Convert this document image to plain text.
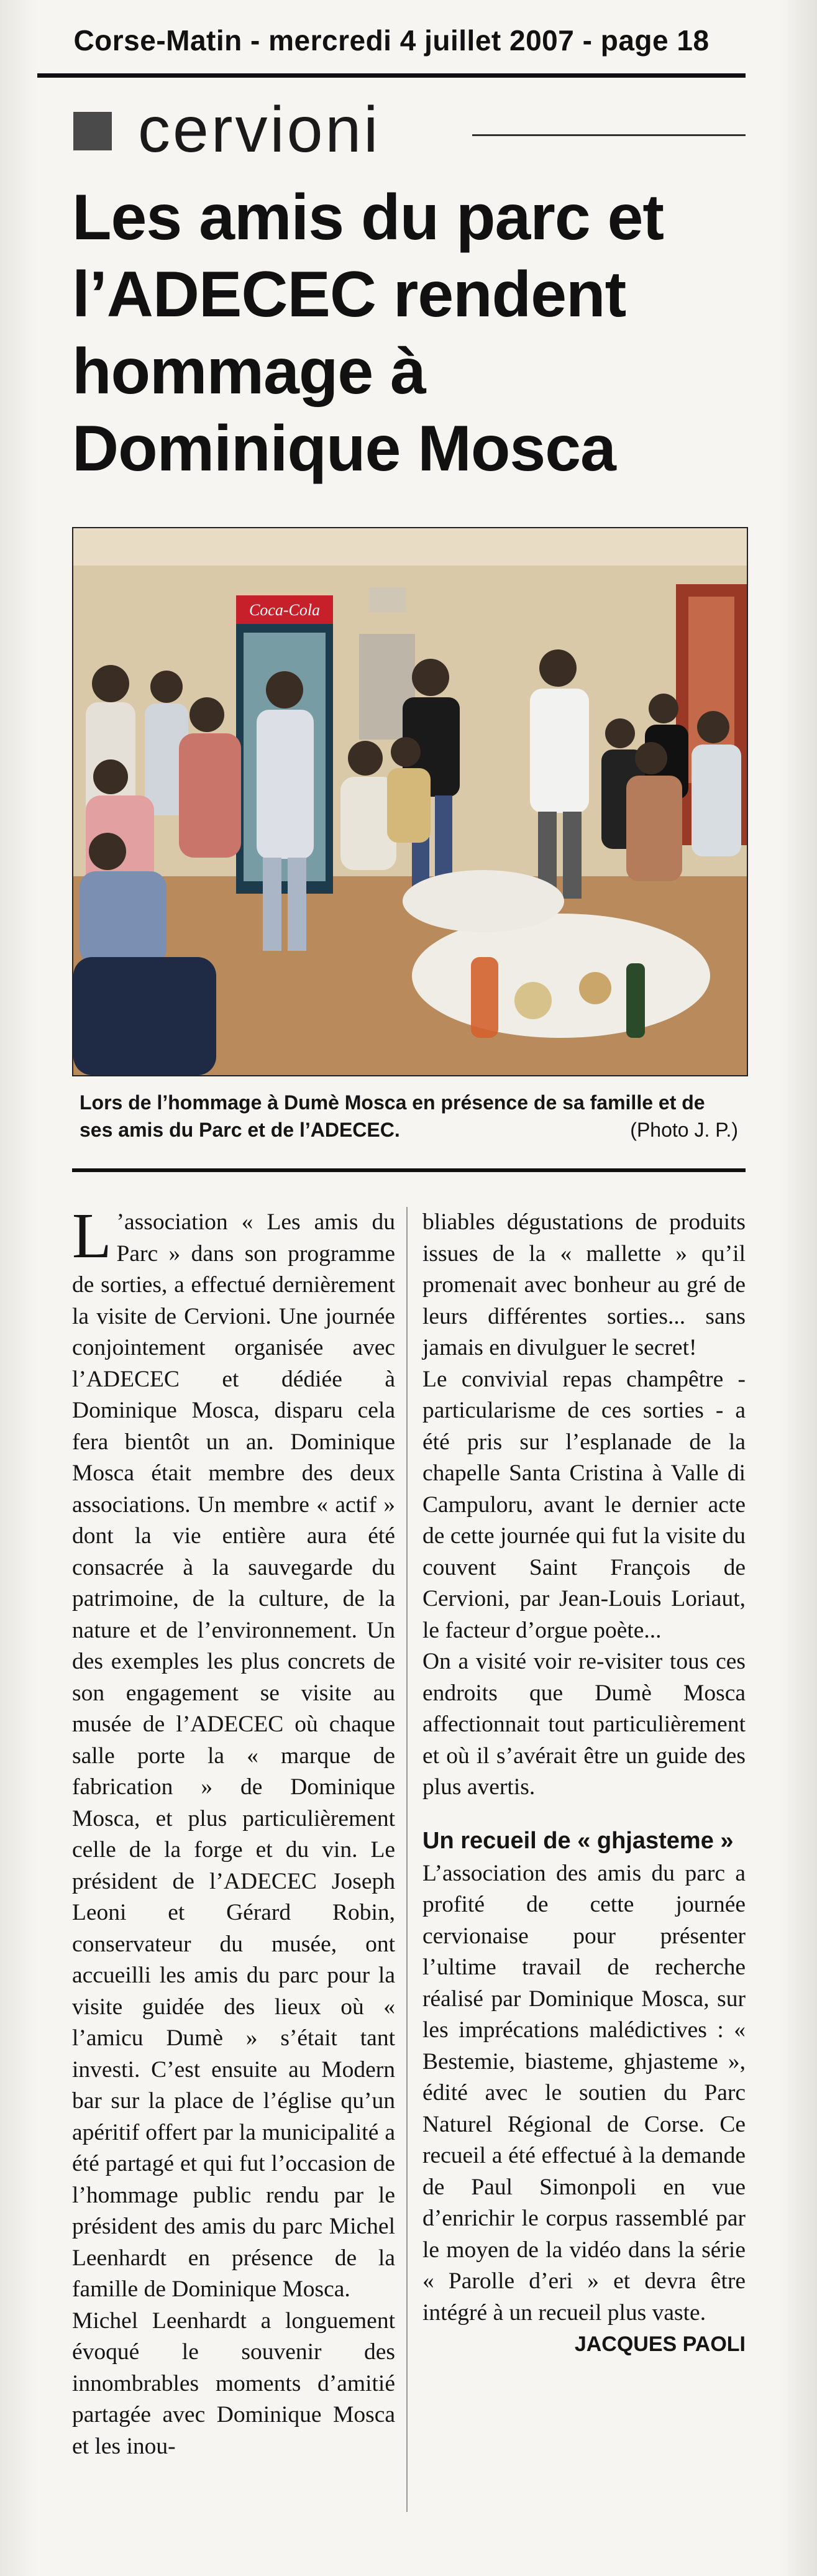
Corse-Matin - mercredi 4 juillet 2007 - page 18
cervioni
Les amis du parc et l’ADECEC rendent hommage à Dominique Mosca
Coca-Cola
Lors de l’hommage à Dumè Mosca en présence de sa famille et de ses amis du Parc et de l’ADECEC.	(Photo J. P.)

L ’association « Les amis du Parc » dans son programme de sorties, a effectué dernièrement la visite de Cervioni. Une journée conjointement organisée avec l’ADECEC et dédiée à Dominique Mosca, disparu cela fera bientôt un an. Dominique Mosca était membre des deux associations. Un membre « actif » dont la vie entière aura été consacrée à la sauvegarde du patrimoine, de la culture, de la nature et de l’environnement. Un des exemples les plus concrets de son engagement se visite au musée de l’ADECEC où chaque salle porte la « marque de fabrication » de Dominique Mosca, et plus particulièrement celle de la forge et du vin. Le président de l’ADECEC Joseph Leoni et Gérard Robin, conservateur du musée, ont accueilli les amis du parc pour la visite guidée des lieux où « l’amicu Dumè » s’était tant investi. C’est ensuite au Modern bar sur la place de l’église qu’un apéritif offert par la municipalité a été partagé et qui fut l’occasion de l’hommage public rendu par le président des amis du parc Michel Leenhardt en présence de la famille de Dominique Mosca.

Michel Leenhardt a longuement évoqué le souvenir des innombrables moments d’amitié partagée avec Dominique Mosca et les inou-

bliables dégustations de produits issues de la « mallette » qu’il promenait avec bonheur au gré de leurs différentes sorties... sans jamais en divulguer le secret!

Le convivial repas champêtre - particularisme de ces sorties - a été pris sur l’esplanade de la chapelle Santa Cristina à Valle di Campuloru, avant le dernier acte de cette journée qui fut la visite du couvent Saint François de Cervioni, par Jean-Louis Loriaut, le facteur d’orgue poète...

On a visité voir re-visiter tous ces endroits que Dumè Mosca affectionnait tout particulièrement et où il s’avérait être un guide des plus avertis.

Un recueil de « ghjasteme »

L’association des amis du parc a profité de cette journée cervionaise pour présenter l’ultime travail de recherche réalisé par Dominique Mosca, sur les imprécations malédictives : « Bestemie, biasteme, ghjasteme », édité avec le soutien du Parc Naturel Régional de Corse. Ce recueil a été effectué à la demande de Paul Simonpoli en vue d’enrichir le corpus rassemblé par le moyen de la vidéo dans la série « Parolle d’eri » et devra être intégré à un recueil plus vaste.

JACQUES PAOLI
